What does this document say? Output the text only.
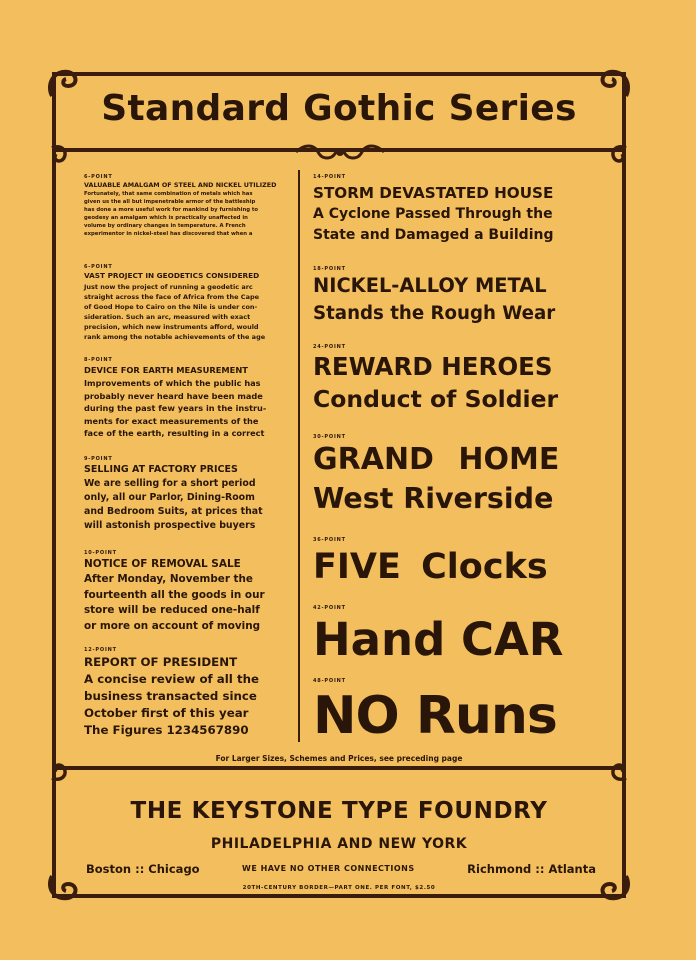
Standard Gothic Series
6-POINT
VALUABLE AMALGAM OF STEEL AND NICKEL UTILIZED
Fortunately, that same combination of metals which has
given us the all but impenetrable armor of the battleship
has done a more useful work for mankind by furnishing to
geodesy an amalgam which is practically unaffected in
volume by ordinary changes in temperature. A French
experimentor in nickel-steel has discovered that when a
6-POINT
VAST PROJECT IN GEODETICS CONSIDERED
Just now the project of running a geodetic arc
straight across the face of Africa from the Cape
of Good Hope to Cairo on the Nile is under con-
sideration. Such an arc, measured with exact
precision, which new instruments afford, would
rank among the notable achievements of the age
8-POINT
DEVICE FOR EARTH MEASUREMENT
Improvements of which the public has
probably never heard have been made
during the past few years in the instru-
ments for exact measurements of the
face of the earth, resulting in a correct
9-POINT
SELLING AT FACTORY PRICES
We are selling for a short period
only, all our Parlor, Dining-Room
and Bedroom Suits, at prices that
will astonish prospective buyers
10-POINT
NOTICE OF REMOVAL SALE
After Monday, November the
fourteenth all the goods in our
store will be reduced one-half
or more on account of moving
12-POINT
REPORT OF PRESIDENT
A concise review of all the
business transacted since
October first of this year
The Figures 1234567890
14-POINT
STORM DEVASTATED HOUSE
A Cyclone Passed Through the
State and Damaged a Building
18-POINT
NICKEL-ALLOY METAL
Stands the Rough Wear
24-POINT
REWARD HEROES
Conduct of Soldier
30-POINT
GRAND HOME
West Riverside
36-POINT
FIVE Clocks
42-POINT
Hand CAR
48-POINT
NO Runs
For Larger Sizes, Schemes and Prices, see preceding page
THE KEYSTONE TYPE FOUNDRY
PHILADELPHIA AND NEW YORK
Boston :: Chicago	WE HAVE NO OTHER CONNECTIONS	Richmond :: Atlanta
20TH-CENTURY BORDER—PART ONE. PER FONT, $2.50
